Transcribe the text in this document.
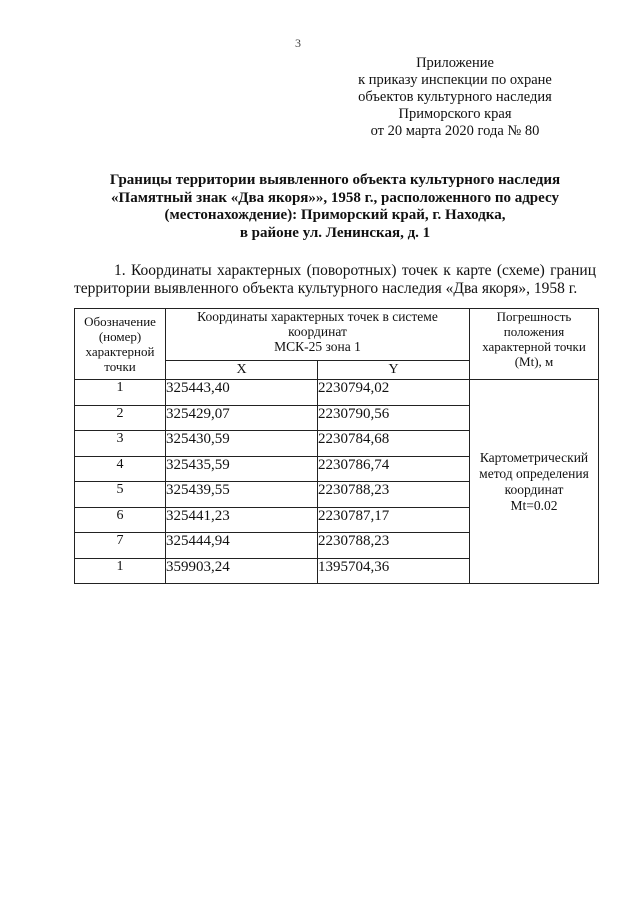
3
Приложение
к приказу инспекции по охране
объектов культурного наследия
Приморского края
от 20 марта 2020 года № 80
Границы территории выявленного объекта культурного наследия
«Памятный знак «Два якоря»», 1958 г., расположенного по адресу
(местонахождение): Приморский край, г. Находка,
в районе ул. Ленинская, д. 1
1. Координаты характерных (поворотных) точек к карте (схеме) границ
территории выявленного объекта культурного наследия «Два якоря», 1958 г.
Обозначение
(номер)
характерной
точки	Координаты характерных точек в системе
координат
МСК-25 зона 1		Погрешность
положения
характерной точки
(Mt), м

	X	Y	
1	325443,40	2230794,02	Картометрический
метод определения
координат
Mt=0.02

2	325429,07	2230790,56	
3	325430,59	2230784,68	
4	325435,59	2230786,74	
5	325439,55	2230788,23	
6	325441,23	2230787,17	
7	325444,94	2230788,23	
1	359903,24	1395704,36	
